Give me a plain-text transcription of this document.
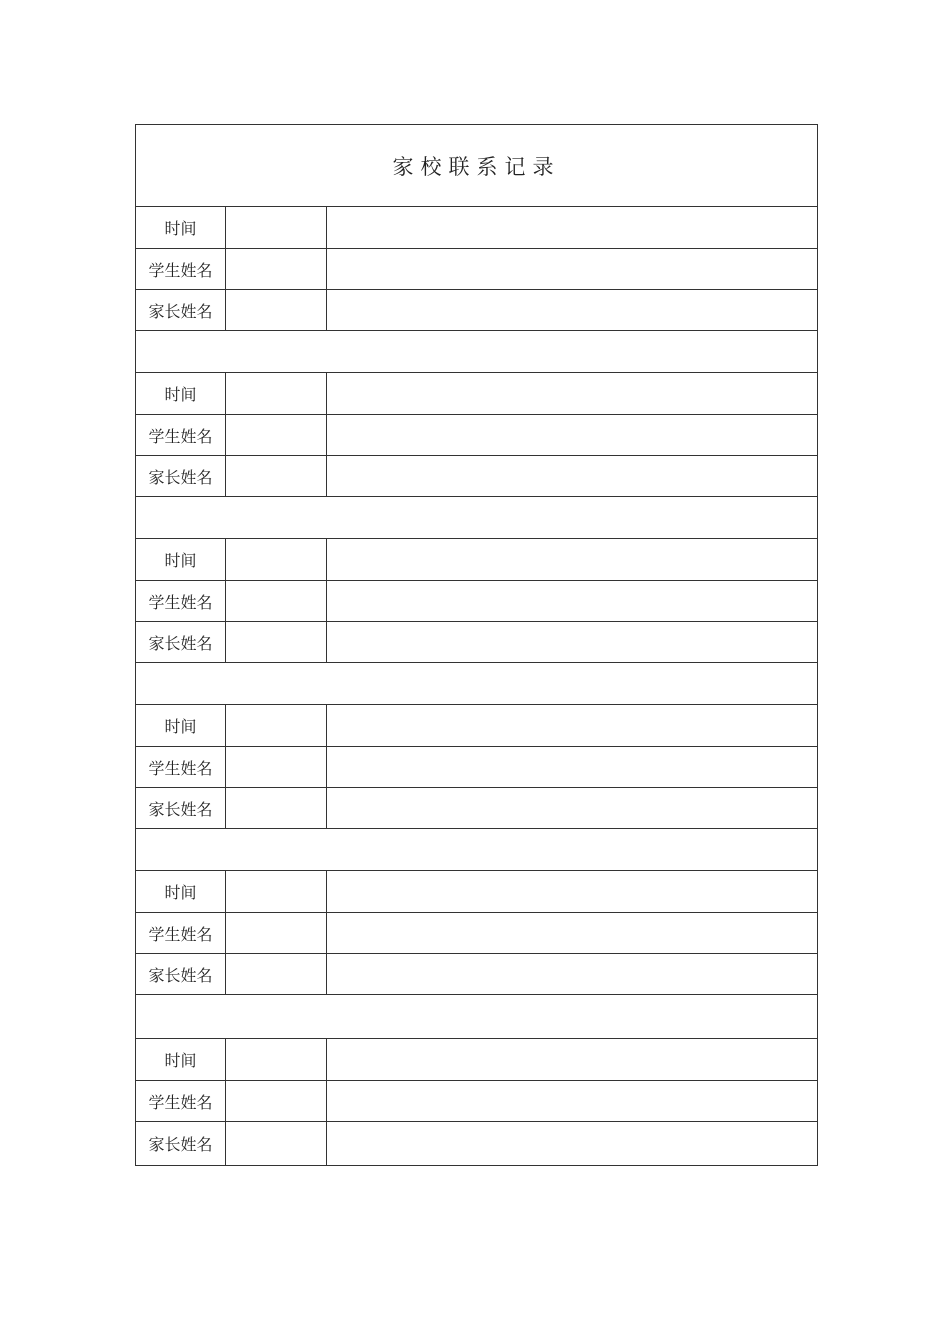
家校联系记录		
时间		
学生姓名		
家长姓名		

时间		
学生姓名		
家长姓名		

时间		
学生姓名		
家长姓名		

时间		
学生姓名		
家长姓名		

时间		
学生姓名		
家长姓名		

时间		
学生姓名		
家长姓名		
